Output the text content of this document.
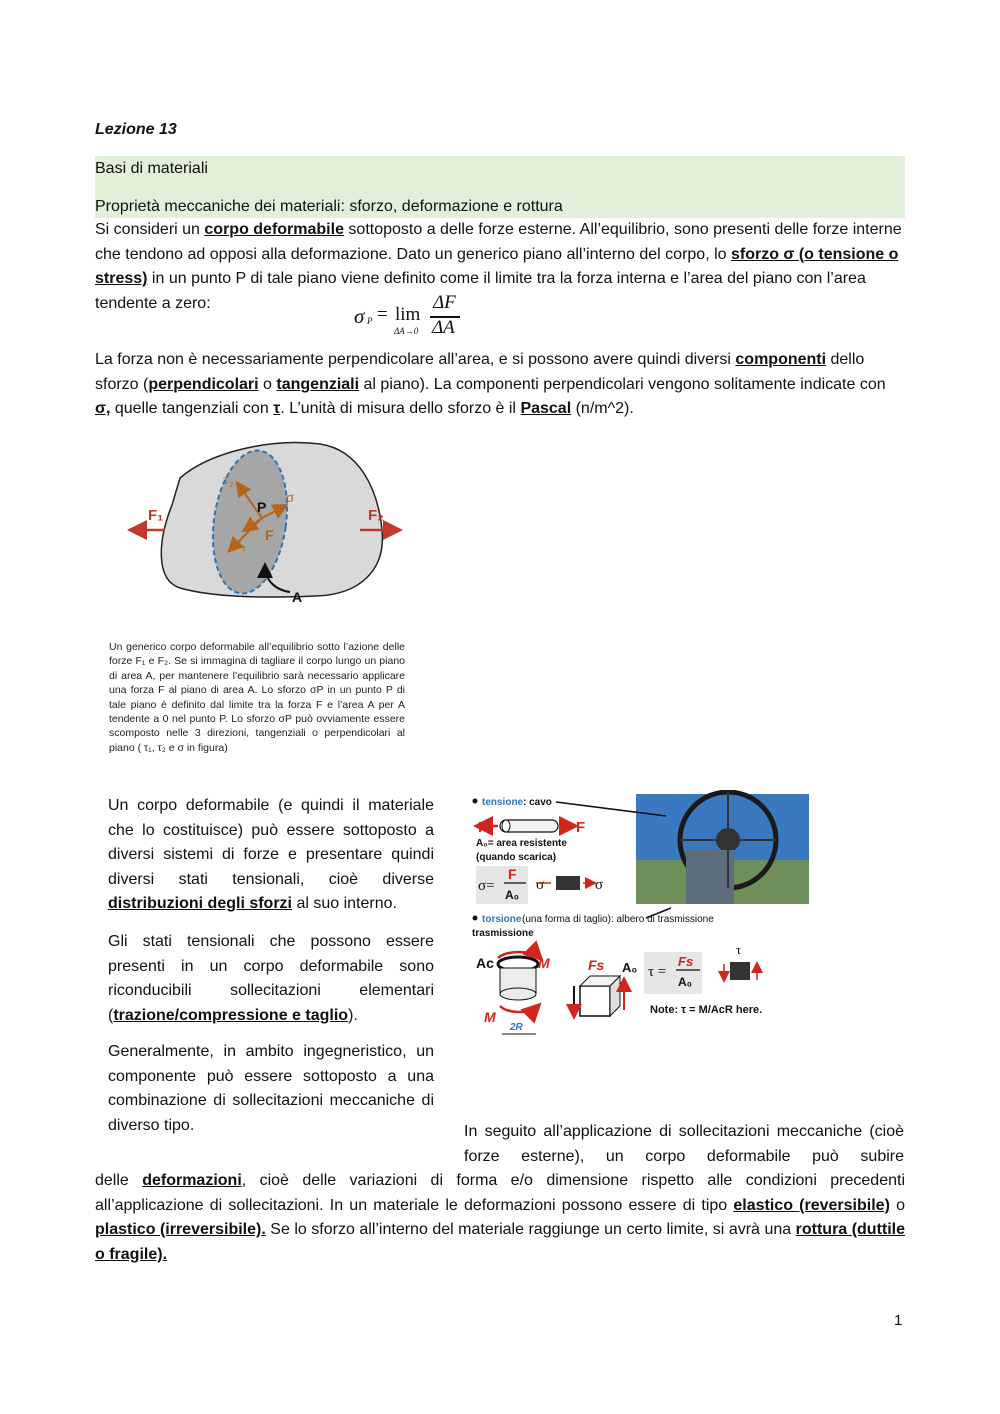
Lezione 13
Basi di materiali
Proprietà meccaniche dei materiali: sforzo, deformazione e rottura
Si consideri un corpo deformabile sottoposto a delle forze esterne. All’equilibrio, sono presenti delle forze interne che tendono ad opposi alla deformazione. Dato un generico piano all’interno del corpo, lo sforzo σ (o tensione o stress) in un punto P di tale piano viene definito come il limite tra la forza interna e l’area del piano con l’area tendente a zero:
σ P = lim
ΔA→0
ΔF
ΔA
La forza non è necessariamente perpendicolare all’area, e si possono avere quindi diversi componenti dello sforzo (perpendicolari o tangenziali al piano). La componenti perpendicolari vengono solitamente indicate con σ, quelle tangenziali con τ. L’unità di misura dello sforzo è il Pascal (n/m^2).
F₁	F₂
τ₂
σ
P
F
τ₁
A
Un generico corpo deformabile all’equilibrio sotto l’azione delle forze F₁ e F₂. Se si immagina di tagliare il corpo lungo un piano di area A, per mantenere l’equilibrio sarà necessario applicare una forza F al piano di area A. Lo sforzo σP in un punto P di tale piano è definito dal limite tra la forza F e l’area A per A tendente a 0 nel punto P. Lo sforzo σP può ovviamente essere scomposto nelle 3 direzioni, tangenziali o perpendicolari al piano ( τ₁, τ₂ e σ in figura)
Un corpo deformabile (e quindi il materiale che lo costituisce) può essere sottoposto a diversi sistemi di forze e presentare quindi diversi stati tensionali, cioè diverse distribuzioni degli sforzi al suo interno.
Gli stati tensionali che possono essere presenti in un corpo deformabile sono riconducibili sollecitazioni elementari (trazione/compressione e taglio).
Generalmente, in ambito ingegneristico, un componente può essere sottoposto a una combinazione di sollecitazioni meccaniche di diverso tipo.
tensione : cavo
F	F
A₀= area resistente
(quando scarica)
σ=
F
A₀
σ	σ
torsione (una forma di taglio): albero di trasmissione
trasmissione
Ac	M
M
2R
Fs A₀ τ =
Fs
A₀
τ
Note: τ = M/AcR here.
In seguito all’applicazione di sollecitazioni meccaniche (cioè forze esterne), un corpo deformabile può subire
delle deformazioni, cioè delle variazioni di forma e/o dimensione rispetto alle condizioni precedenti all’applicazione di sollecitazioni. In un materiale le deformazioni possono essere di tipo elastico (reversibile) o plastico (irreversibile). Se lo sforzo all’interno del materiale raggiunge un certo limite, si avrà una rottura (duttile o fragile).
1
